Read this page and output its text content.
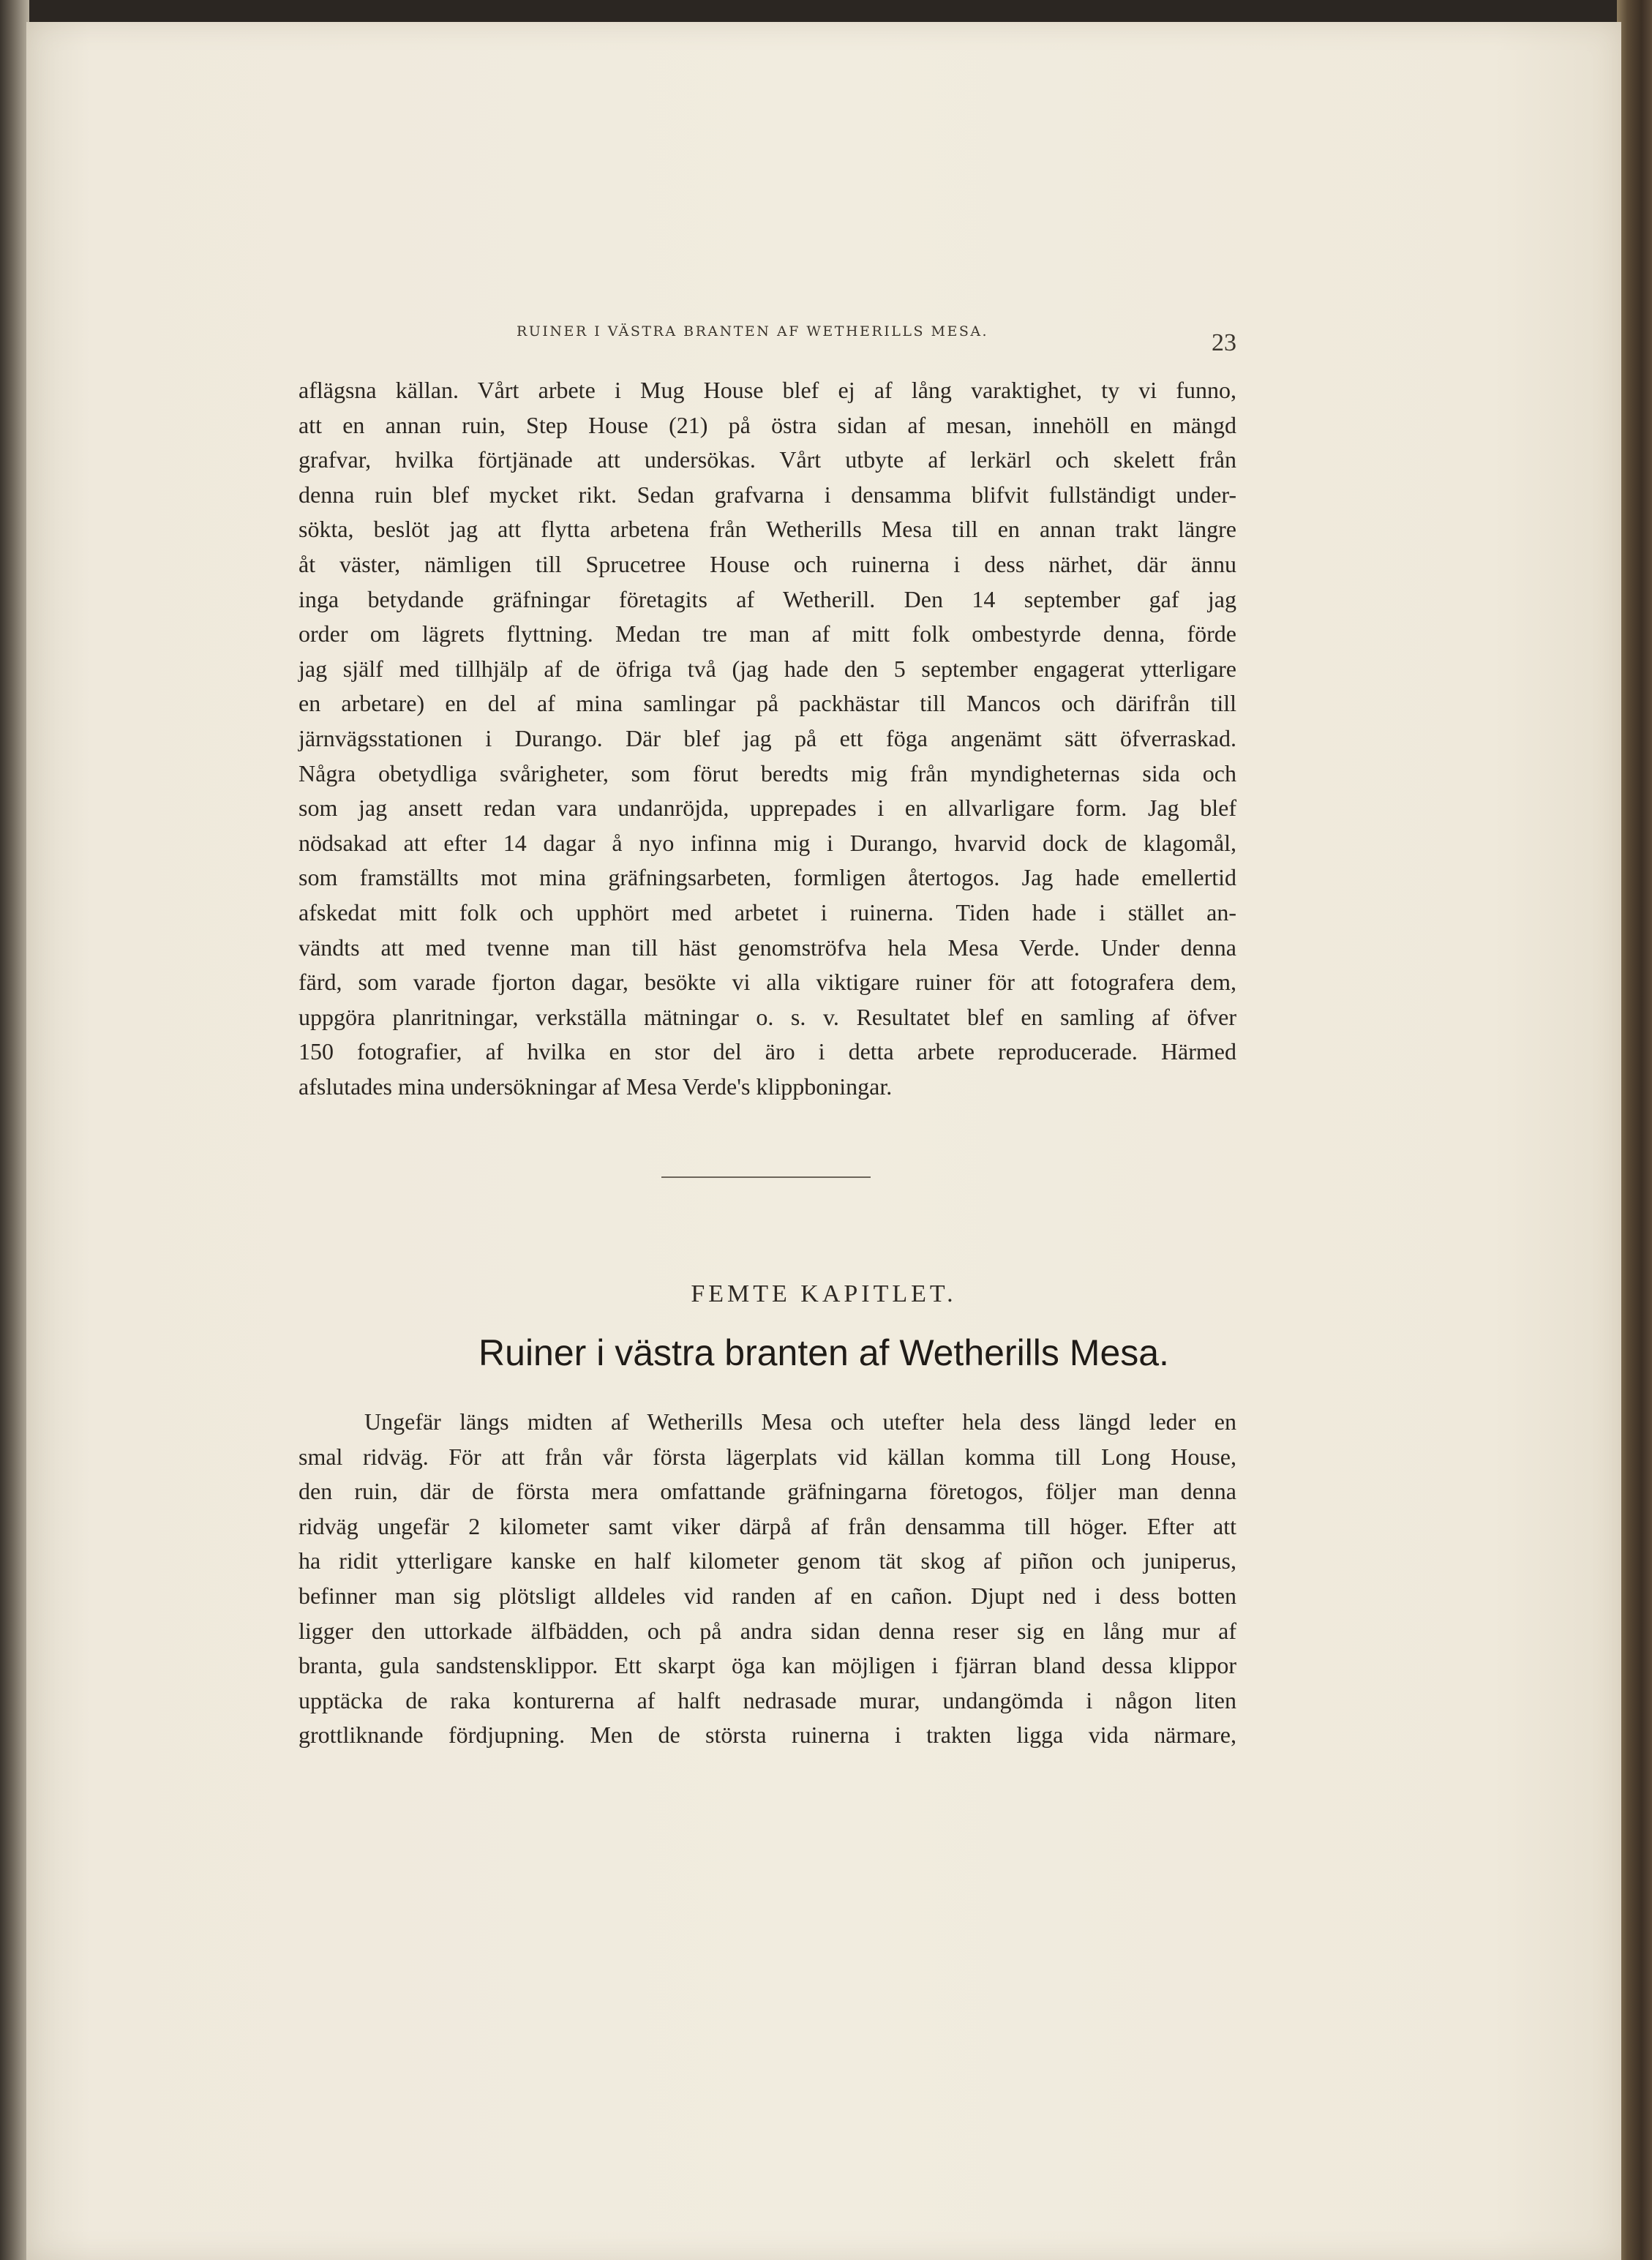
RUINER I VÄSTRA BRANTEN AF WETHERILLS MESA.	23
aflägsna källan. Vårt arbete i Mug House blef ej af lång varaktighet, ty vi funno,
att en annan ruin, Step House (21) på östra sidan af mesan, innehöll en mängd
grafvar, hvilka förtjänade att undersökas. Vårt utbyte af lerkärl och skelett från
denna ruin blef mycket rikt. Sedan grafvarna i densamma blifvit fullständigt under-
sökta, beslöt jag att flytta arbetena från Wetherills Mesa till en annan trakt längre
åt väster, nämligen till Sprucetree House och ruinerna i dess närhet, där ännu
inga betydande gräfningar företagits af Wetherill. Den 14 september gaf jag
order om lägrets flyttning. Medan tre man af mitt folk ombestyrde denna, förde
jag själf med tillhjälp af de öfriga två (jag hade den 5 september engagerat ytterligare
en arbetare) en del af mina samlingar på packhästar till Mancos och därifrån till
järnvägsstationen i Durango. Där blef jag på ett föga angenämt sätt öfverraskad.
Några obetydliga svårigheter, som förut beredts mig från myndigheternas sida och
som jag ansett redan vara undanröjda, upprepades i en allvarligare form. Jag blef
nödsakad att efter 14 dagar å nyo infinna mig i Durango, hvarvid dock de klagomål,
som framställts mot mina gräfningsarbeten, formligen återtogos. Jag hade emellertid
afskedat mitt folk och upphört med arbetet i ruinerna. Tiden hade i stället an-
vändts att med tvenne man till häst genomströfva hela Mesa Verde. Under denna
färd, som varade fjorton dagar, besökte vi alla viktigare ruiner för att fotografera dem,
uppgöra planritningar, verkställa mätningar o. s. v. Resultatet blef en samling af öfver
150 fotografier, af hvilka en stor del äro i detta arbete reproducerade. Härmed
afslutades mina undersökningar af Mesa Verde's klippboningar.
FEMTE KAPITLET.
Ruiner i västra branten af Wetherills Mesa.
Ungefär längs midten af Wetherills Mesa och utefter hela dess längd leder en
smal ridväg. För att från vår första lägerplats vid källan komma till Long House,
den ruin, där de första mera omfattande gräfningarna företogos, följer man denna
ridväg ungefär 2 kilometer samt viker därpå af från densamma till höger. Efter att
ha ridit ytterligare kanske en half kilometer genom tät skog af piñon och juniperus,
befinner man sig plötsligt alldeles vid randen af en cañon. Djupt ned i dess botten
ligger den uttorkade älfbädden, och på andra sidan denna reser sig en lång mur af
branta, gula sandstensklippor. Ett skarpt öga kan möjligen i fjärran bland dessa klippor
upptäcka de raka konturerna af halft nedrasade murar, undangömda i någon liten
grottliknande fördjupning. Men de största ruinerna i trakten ligga vida närmare,
